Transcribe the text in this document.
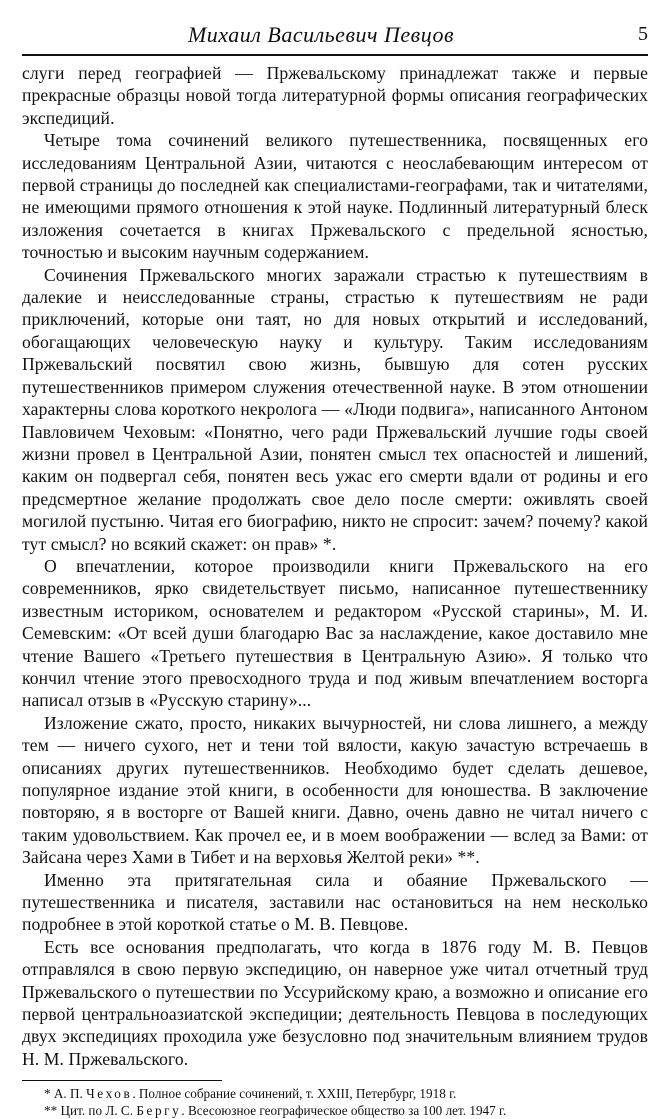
Михаил Васильевич Певцов	5

слуги перед географией — Пржевальскому принадлежат также и первые прекрасные образцы новой тогда литературной формы описания географических экспедиций.

Четыре тома сочинений великого путешественника, посвященных его исследованиям Центральной Азии, читаются с неослабевающим интересом от первой страницы до последней как специалистами-географами, так и читателями, не имеющими прямого отношения к этой науке. Подлинный литературный блеск изложения сочетается в книгах Пржевальского с предельной ясностью, точностью и высоким научным содержанием.

Сочинения Пржевальского многих заражали страстью к путешествиям в далекие и неисследованные страны, страстью к путешествиям не ради приключений, которые они таят, но для новых открытий и исследований, обогащающих человеческую науку и культуру. Таким исследованиям Пржевальский посвятил свою жизнь, бывшую для сотен русских путешественников примером служения отечественной науке. В этом отношении характерны слова короткого некролога — «Люди подвига», написанного Антоном Павловичем Чеховым: «Понятно, чего ради Пржевальский лучшие годы своей жизни провел в Центральной Азии, понятен смысл тех опасностей и лишений, каким он подвергал себя, понятен весь ужас его смерти вдали от родины и его предсмертное желание продолжать свое дело после смерти: оживлять своей могилой пустыню. Читая его биографию, никто не спросит: зачем? почему? какой тут смысл? но всякий скажет: он прав» *.

О впечатлении, которое производили книги Пржевальского на его современников, ярко свидетельствует письмо, написанное путешественнику известным историком, основателем и редактором «Русской старины», М. И. Семевским: «От всей души благодарю Вас за наслаждение, какое доставило мне чтение Вашего «Третьего путешествия в Центральную Азию». Я только что кончил чтение этого превосходного труда и под живым впечатлением восторга написал отзыв в «Русскую старину»...

Изложение сжато, просто, никаких вычурностей, ни слова лишнего, а между тем — ничего сухого, нет и тени той вялости, какую зачастую встречаешь в описаниях других путешественников. Необходимо будет сделать дешевое, популярное издание этой книги, в особенности для юношества. В заключение повторяю, я в восторге от Вашей книги. Давно, очень давно не читал ничего с таким удовольствием. Как прочел ее, и в моем воображении — вслед за Вами: от Зайсана через Хами в Тибет и на верховья Желтой реки» **.

Именно эта притягательная сила и обаяние Пржевальского — путешественника и писателя, заставили нас остановиться на нем несколько подробнее в этой короткой статье о М. В. Певцове.

Есть все основания предполагать, что когда в 1876 году М. В. Певцов отправлялся в свою первую экспедицию, он наверное уже читал отчетный труд Пржевальского о путешествии по Уссурийскому краю, а возможно и описание его первой центральноазиатской экспедиции; деятельность Певцова в последующих двух экспедициях проходила уже безусловно под значительным влиянием трудов Н. М. Пржевальского.

* А. П. Чехов. Полное собрание сочинений, т. XXIII, Петербург, 1918 г.
** Цит. по Л. С. Бергу. Всесоюзное географическое общество за 100 лет. 1947 г.
